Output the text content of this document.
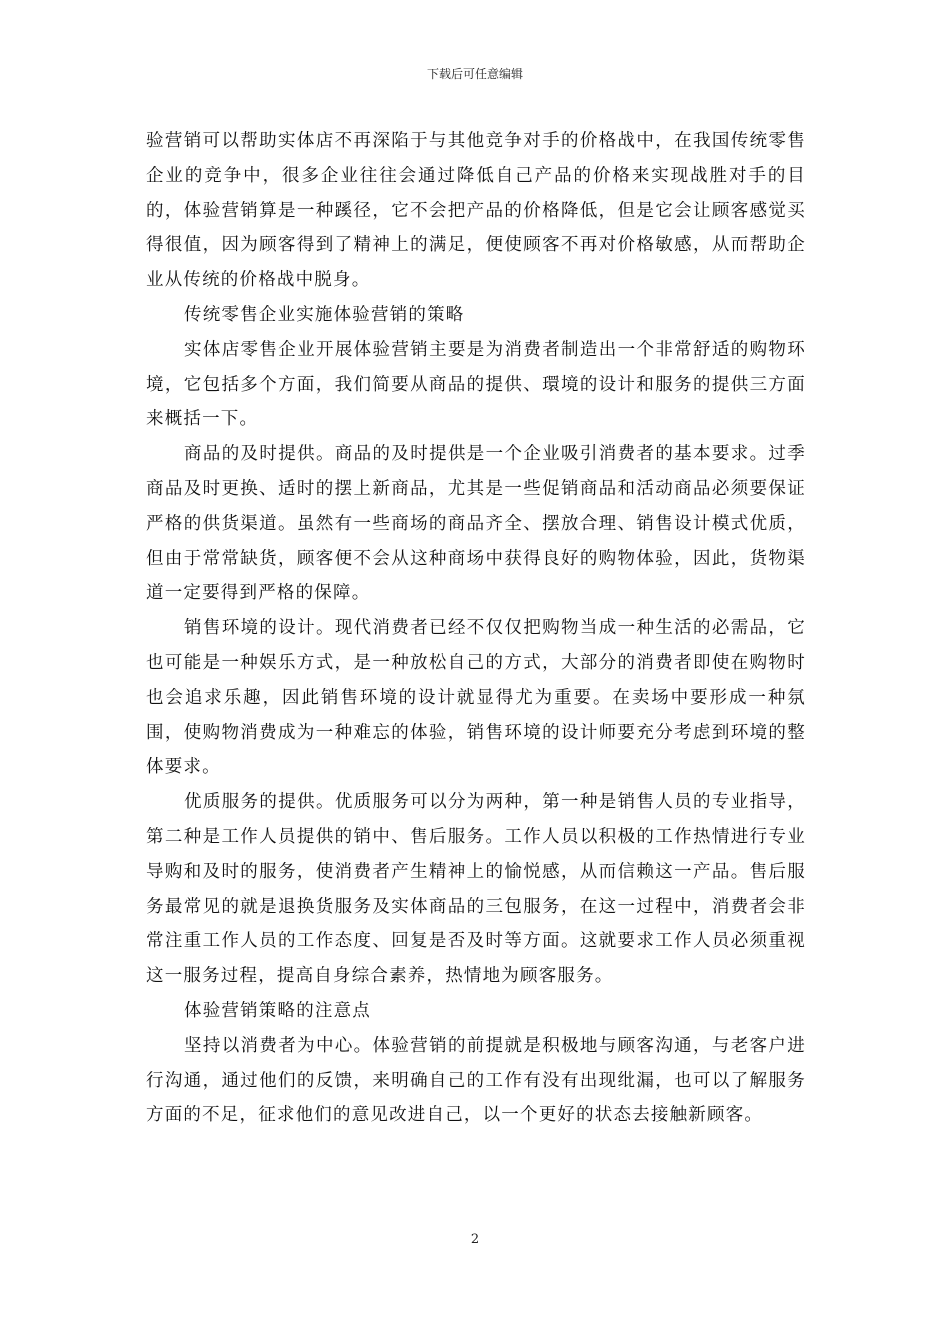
下载后可任意编辑

验营销可以帮助实体店不再深陷于与其他竞争对手的价格战中，在我国传统零售企业的竞争中，很多企业往往会通过降低自己产品的价格来实现战胜对手的目的，体验营销算是一种蹊径，它不会把产品的价格降低，但是它会让顾客感觉买得很值，因为顾客得到了精神上的满足，便使顾客不再对价格敏感，从而帮助企业从传统的价格战中脱身。

传统零售企业实施体验营销的策略

实体店零售企业开展体验营销主要是为消费者制造出一个非常舒适的购物环境，它包括多个方面，我们简要从商品的提供、環境的设计和服务的提供三方面来概括一下。

商品的及时提供。商品的及时提供是一个企业吸引消费者的基本要求。过季商品及时更换、适时的摆上新商品，尤其是一些促销商品和活动商品必须要保证严格的供货渠道。虽然有一些商场的商品齐全、摆放合理、销售设计模式优质，但由于常常缺货，顾客便不会从这种商场中获得良好的购物体验，因此，货物渠道一定要得到严格的保障。

销售环境的设计。现代消费者已经不仅仅把购物当成一种生活的必需品，它也可能是一种娱乐方式，是一种放松自己的方式，大部分的消费者即使在购物时也会追求乐趣，因此销售环境的设计就显得尤为重要。在卖场中要形成一种氛围，使购物消费成为一种难忘的体验，销售环境的设计师要充分考虑到环境的整体要求。

优质服务的提供。优质服务可以分为两种，第一种是销售人员的专业指导，第二种是工作人员提供的销中、售后服务。工作人员以积极的工作热情进行专业导购和及时的服务，使消费者产生精神上的愉悦感，从而信赖这一产品。售后服务最常见的就是退换货服务及实体商品的三包服务，在这一过程中，消费者会非常注重工作人员的工作态度、回复是否及时等方面。这就要求工作人员必须重视这一服务过程，提高自身综合素养，热情地为顾客服务。

体验营销策略的注意点

坚持以消费者为中心。体验营销的前提就是积极地与顾客沟通，与老客户进行沟通，通过他们的反馈，来明确自己的工作有没有出现纰漏，也可以了解服务方面的不足，征求他们的意见改进自己，以一个更好的状态去接触新顾客。

2
